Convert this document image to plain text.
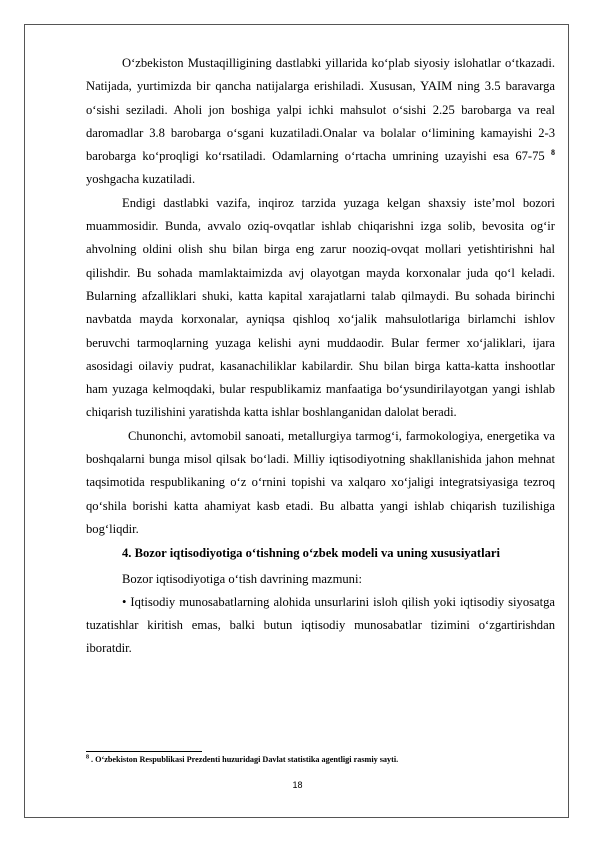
O‘zbekiston Mustaqilligining dastlabki yillarida ko‘plab siyosiy islohatlar o‘tkazadi. Natijada, yurtimizda bir qancha natijalarga erishiladi. Xususan, YAIM ning 3.5 baravarga o‘sishi seziladi. Aholi jon boshiga yalpi ichki mahsulot o‘sishi 2.25 barobarga va real daromadlar 3.8 barobarga o‘sgani kuzatiladi.Onalar va bolalar o‘limining kamayishi 2-3 barobarga ko‘proqligi ko‘rsatiladi. Odamlarning o‘rtacha umrining uzayishi esa 67-75 $^8$ yoshgacha kuzatiladi.

Endigi dastlabki vazifa, inqiroz tarzida yuzaga kelgan shaxsiy iste’mol bozori muammosidir. Bunda, avvalo oziq-ovqatlar ishlab chiqarishni izga solib, bevosita og‘ir ahvolning oldini olish shu bilan birga eng zarur nooziq-ovqat mollari yetishtirishni hal qilishdir. Bu sohada mamlaktaimizda avj olayotgan mayda korxonalar juda qo‘l keladi. Bularning afzalliklari shuki, katta kapital xarajatlarni talab qilmaydi. Bu sohada birinchi navbatda mayda korxonalar, ayniqsa qishloq xo‘jalik mahsulotlariga birlamchi ishlov beruvchi tarmoqlarning yuzaga kelishi ayni muddaodir. Bular fermer xo‘jaliklari, ijara asosidagi oilaviy pudrat, kasanachiliklar kabilardir. Shu bilan birga katta-katta inshootlar ham yuzaga kelmoqdaki, bular respublikamiz manfaatiga bo‘ysundirilayotgan yangi ishlab chiqarish tuzilishini yaratishda katta ishlar boshlanganidan dalolat beradi.

Chunonchi, avtomobil sanoati, metallurgiya tarmog‘i, farmokologiya, energetika va boshqalarni bunga misol qilsak bo‘ladi. Milliy iqtisodiyotning shakllanishida jahon mehnat taqsimotida respublikaning o‘z o‘rnini topishi va xalqaro xo‘jaligi integratsiyasiga tezroq qo‘shila borishi katta ahamiyat kasb etadi. Bu albatta yangi ishlab chiqarish tuzilishiga bog‘liqdir.

4. Bozor iqtisodiyotiga o‘tishning o‘zbek modeli va uning xususiyatlari

Bozor iqtisodiyotiga o‘tish davrining mazmuni:

• Iqtisodiy munosabatlarning alohida unsurlarini isloh qilish yoki iqtisodiy siyosatga tuzatishlar kiritish emas, balki butun iqtisodiy munosabatlar tizimini o‘zgartirishdan iboratdir.

$^8$ . O‘zbekiston Respublikasi Prezdenti huzuridagi Davlat statistika agentligi rasmiy sayti.
18
